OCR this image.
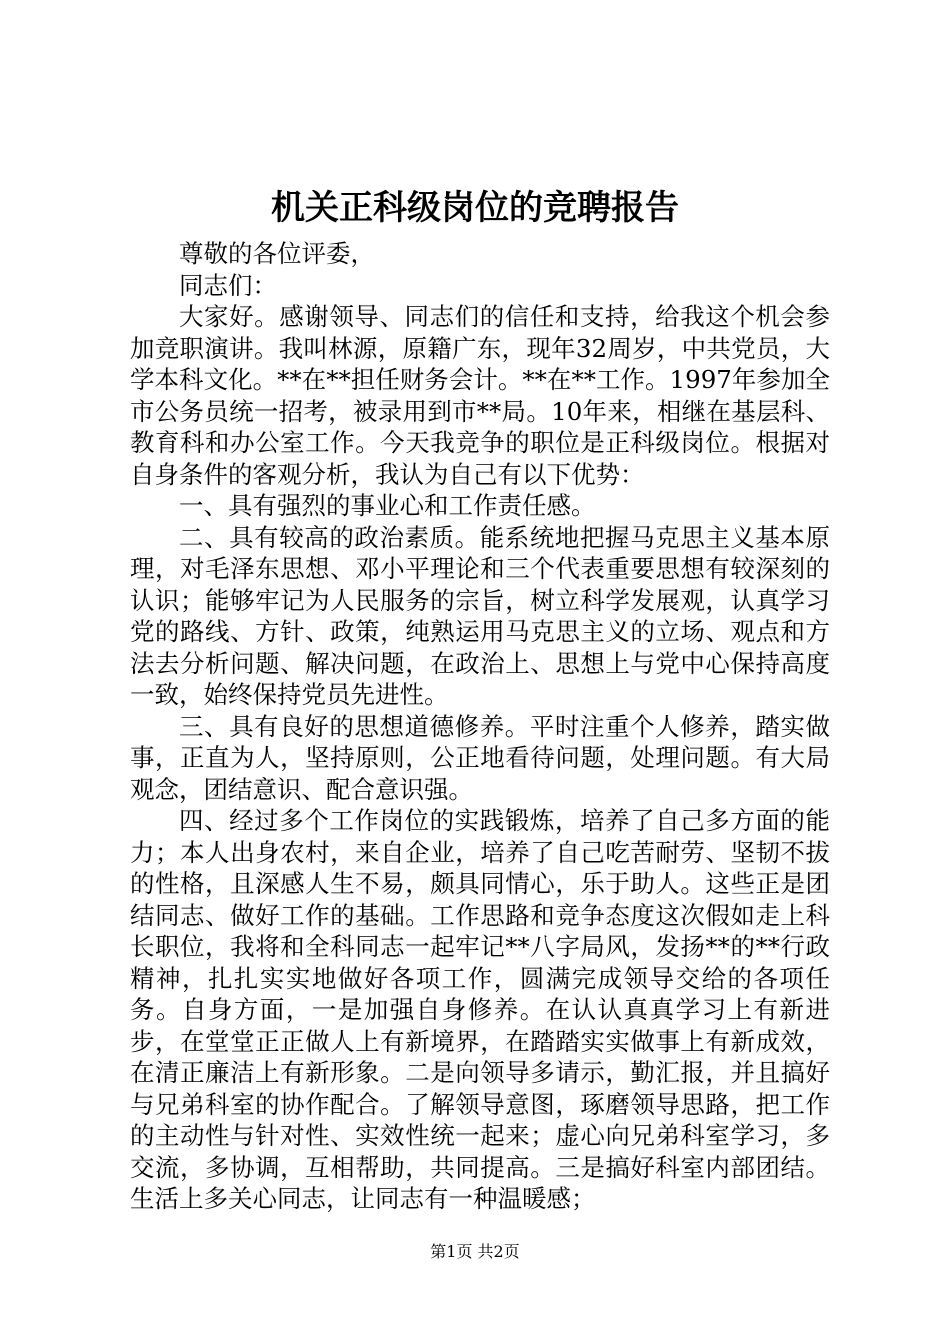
机关正科级岗位的竞聘报告

尊敬的各位评委，

同志们：

大家好。感谢领导、同志们的信任和支持，给我这个机会参加竞职演讲。我叫林源，原籍广东，现年32周岁，中共党员，大学本科文化。**在**担任财务会计。**在**工作。1997年参加全市公务员统一招考，被录用到市**局。10年来，相继在基层科、教育科和办公室工作。今天我竞争的职位是正科级岗位。根据对自身条件的客观分析，我认为自己有以下优势：

一、具有强烈的事业心和工作责任感。

二、具有较高的政治素质。能系统地把握马克思主义基本原理，对毛泽东思想、邓小平理论和三个代表重要思想有较深刻的认识；能够牢记为人民服务的宗旨，树立科学发展观，认真学习党的路线、方针、政策，纯熟运用马克思主义的立场、观点和方法去分析问题、解决问题，在政治上、思想上与党中心保持高度一致，始终保持党员先进性。

三、具有良好的思想道德修养。平时注重个人修养，踏实做事，正直为人，坚持原则，公正地看待问题，处理问题。有大局观念，团结意识、配合意识强。

四、经过多个工作岗位的实践锻炼，培养了自己多方面的能力；本人出身农村，来自企业，培养了自己吃苦耐劳、坚韧不拔的性格，且深感人生不易，颇具同情心，乐于助人。这些正是团结同志、做好工作的基础。工作思路和竞争态度这次假如走上科长职位，我将和全科同志一起牢记**八字局风，发扬**的**行政精神，扎扎实实地做好各项工作，圆满完成领导交给的各项任务。自身方面，一是加强自身修养。在认认真真学习上有新进步，在堂堂正正做人上有新境界，在踏踏实实做事上有新成效，在清正廉洁上有新形象。二是向领导多请示，勤汇报，并且搞好与兄弟科室的协作配合。了解领导意图，琢磨领导思路，把工作的主动性与针对性、实效性统一起来；虚心向兄弟科室学习，多交流，多协调，互相帮助，共同提高。三是搞好科室内部团结。生活上多关心同志，让同志有一种温暖感；

第1页 共2页
